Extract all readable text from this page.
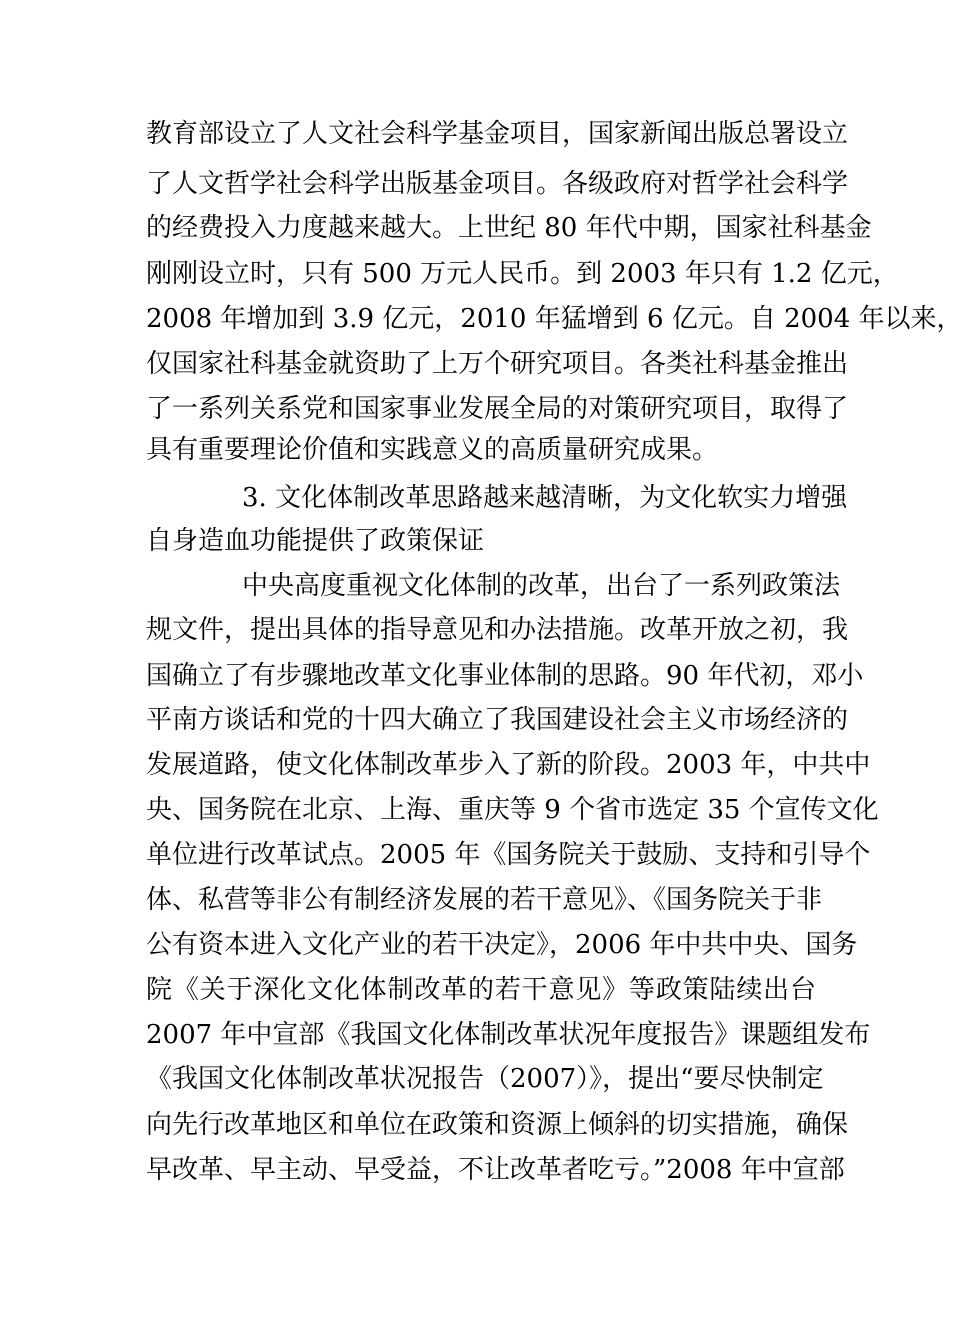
教育部设立了人文社会科学基金项目，国家新闻出版总署设立
了人文哲学社会科学出版基金项目。各级政府对哲学社会科学
的经费投入力度越来越大。上世纪 80 年代中期，国家社科基金
刚刚设立时，只有 500 万元人民币。到 2003 年只有 1.2 亿元，
2008 年增加到 3.9 亿元，2010 年猛增到 6 亿元。自 2004 年以来，
仅国家社科基金就资助了上万个研究项目。各类社科基金推出
了一系列关系党和国家事业发展全局的对策研究项目，取得了
具有重要理论价值和实践意义的高质量研究成果。
3. 文化体制改革思路越来越清晰，为文化软实力增强
自身造血功能提供了政策保证
中央高度重视文化体制的改革，出台了一系列政策法
规文件，提出具体的指导意见和办法措施。改革开放之初，我
国确立了有步骤地改革文化事业体制的思路。90 年代初，邓小
平南方谈话和党的十四大确立了我国建设社会主义市场经济的
发展道路，使文化体制改革步入了新的阶段。2003 年，中共中
央、国务院在北京、上海、重庆等 9 个省市选定 35 个宣传文化
单位进行改革试点。2005 年《国务院关于鼓励、支持和引导个
体、私营等非公有制经济发展的若干意见》、《国务院关于非
公有资本进入文化产业的若干决定》，2006 年中共中央、国务
院《关于深化文化体制改革的若干意见》等政策陆续出台
2007 年中宣部《我国文化体制改革状况年度报告》课题组发布
《我国文化体制改革状况报告（2007）》，提出“要尽快制定
向先行改革地区和单位在政策和资源上倾斜的切实措施，确保
早改革、早主动、早受益，不让改革者吃亏。”2008 年中宣部
